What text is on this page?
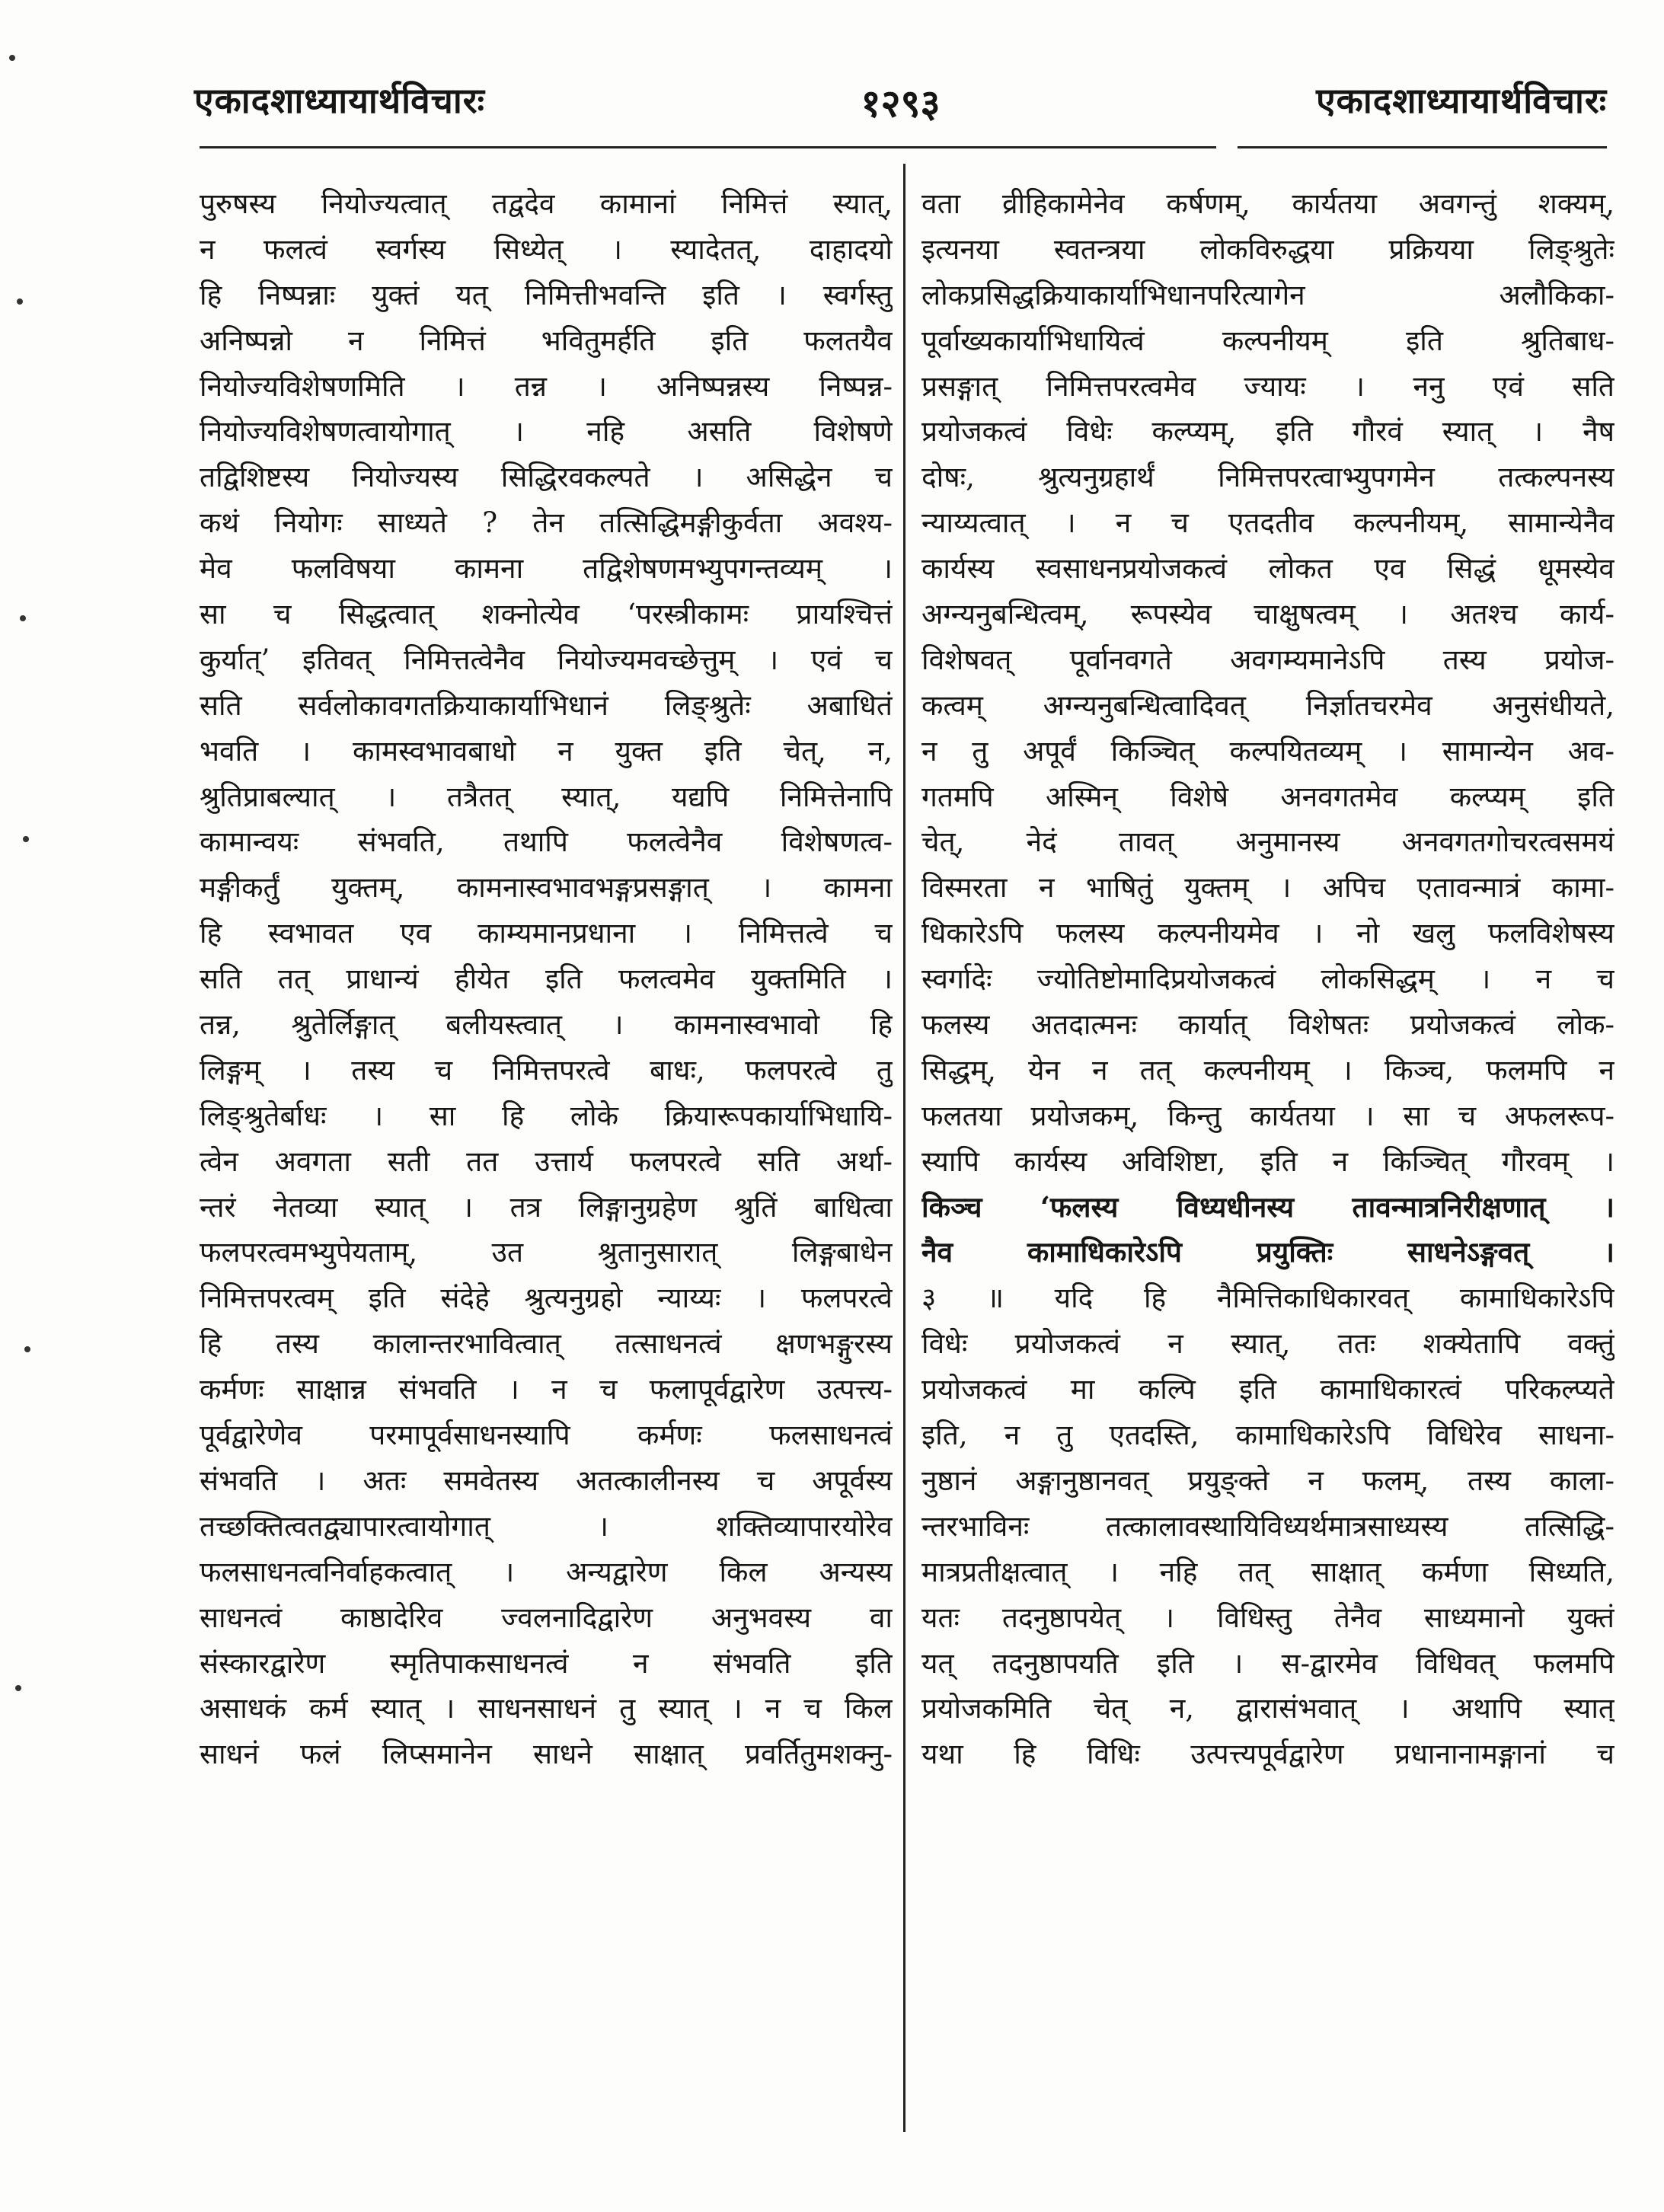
एकादशाध्यायार्थविचारः	१२९३	एकादशाध्यायार्थविचारः
पुरुषस्य नियोज्यत्वात् तद्वदेव कामानां निमित्तं स्यात्,
न फलत्वं स्वर्गस्य सिध्येत् । स्यादेतत्, दाहादयो
हि निष्पन्नाः युक्तं यत् निमित्तीभवन्ति इति । स्वर्गस्तु
अनिष्पन्नो न निमित्तं भवितुमर्हति इति फलतयैव
नियोज्यविशेषणमिति । तन्न । अनिष्पन्नस्य निष्पन्न-
नियोज्यविशेषणत्वायोगात् । नहि असति विशेषणे
तद्विशिष्टस्य नियोज्यस्य सिद्धिरवकल्पते । असिद्धेन च
कथं नियोगः साध्यते ? तेन तत्सिद्धिमङ्गीकुर्वता अवश्य-
मेव फलविषया कामना तद्विशेषणमभ्युपगन्तव्यम् ।
सा च सिद्धत्वात् शक्नोत्येव ‘परस्त्रीकामः प्रायश्चित्तं
कुर्यात्’ इतिवत् निमित्तत्वेनैव नियोज्यमवच्छेत्तुम् । एवं च
सति सर्वलोकावगतक्रियाकार्याभिधानं लिङ्श्रुतेः अबाधितं
भवति । कामस्वभावबाधो न युक्त इति चेत्, न,
श्रुतिप्राबल्यात् । तत्रैतत् स्यात्, यद्यपि निमित्तेनापि
कामान्वयः संभवति, तथापि फलत्वेनैव विशेषणत्व-
मङ्गीकर्तुं युक्तम्, कामनास्वभावभङ्गप्रसङ्गात् । कामना
हि स्वभावत एव काम्यमानप्रधाना । निमित्तत्वे च
सति तत् प्राधान्यं हीयेत इति फलत्वमेव युक्तमिति ।
तन्न, श्रुतेर्लिङ्गात् बलीयस्त्वात् । कामनास्वभावो हि
लिङ्गम् । तस्य च निमित्तपरत्वे बाधः, फलपरत्वे तु
लिङ्श्रुतेर्बाधः । सा हि लोके क्रियारूपकार्याभिधायि-
त्वेन अवगता सती तत उत्तार्य फलपरत्वे सति अर्था-
न्तरं नेतव्या स्यात् । तत्र लिङ्गानुग्रहेण श्रुतिं बाधित्वा
फलपरत्वमभ्युपेयताम्, उत श्रुतानुसारात् लिङ्गबाधेन
निमित्तपरत्वम् इति संदेहे श्रुत्यनुग्रहो न्याय्यः । फलपरत्वे
हि तस्य कालान्तरभावित्वात् तत्साधनत्वं क्षणभङ्गुरस्य
कर्मणः साक्षान्न संभवति । न च फलापूर्वद्वारेण उत्पत्त्य-
पूर्वद्वारेणेव परमापूर्वसाधनस्यापि कर्मणः फलसाधनत्वं
संभवति । अतः समवेतस्य अतत्कालीनस्य च अपूर्वस्य
तच्छक्तित्वतद्व्यापारत्वायोगात् । शक्तिव्यापारयोरेव
फलसाधनत्वनिर्वाहकत्वात् । अन्यद्वारेण किल अन्यस्य
साधनत्वं काष्ठादेरिव ज्वलनादिद्वारेण अनुभवस्य वा
संस्कारद्वारेण स्मृतिपाकसाधनत्वं न संभवति इति
असाधकं कर्म स्यात् । साधनसाधनं तु स्यात् । न च किल
साधनं फलं लिप्समानेन साधने साक्षात् प्रवर्तितुमशक्नु-
वता व्रीहिकामेनेव कर्षणम्, कार्यतया अवगन्तुं शक्यम्,
इत्यनया स्वतन्त्रया लोकविरुद्धया प्रक्रियया लिङ्श्रुतेः
लोकप्रसिद्धक्रियाकार्याभिधानपरित्यागेन अलौकिका-
पूर्वाख्यकार्याभिधायित्वं कल्पनीयम् इति श्रुतिबाध-
प्रसङ्गात् निमित्तपरत्वमेव ज्यायः । ननु एवं सति
प्रयोजकत्वं विधेः कल्प्यम्, इति गौरवं स्यात् । नैष
दोषः, श्रुत्यनुग्रहार्थं निमित्तपरत्वाभ्युपगमेन तत्कल्पनस्य
न्याय्यत्वात् । न च एतदतीव कल्पनीयम्, सामान्येनैव
कार्यस्य स्वसाधनप्रयोजकत्वं लोकत एव सिद्धं धूमस्येव
अग्न्यनुबन्धित्वम्, रूपस्येव चाक्षुषत्वम् । अतश्च कार्य-
विशेषवत् पूर्वानवगते अवगम्यमानेऽपि तस्य प्रयोज-
कत्वम् अग्न्यनुबन्धित्वादिवत् निर्ज्ञातचरमेव अनुसंधीयते,
न तु अपूर्वं किञ्चित् कल्पयितव्यम् । सामान्येन अव-
गतमपि अस्मिन् विशेषे अनवगतमेव कल्प्यम् इति
चेत्, नेदं तावत् अनुमानस्य अनवगतगोचरत्वसमयं
विस्मरता न भाषितुं युक्तम् । अपिच एतावन्मात्रं कामा-
धिकारेऽपि फलस्य कल्पनीयमेव । नो खलु फलविशेषस्य
स्वर्गादेः ज्योतिष्टोमादिप्रयोजकत्वं लोकसिद्धम् । न च
फलस्य अतदात्मनः कार्यात् विशेषतः प्रयोजकत्वं लोक-
सिद्धम्, येन न तत् कल्पनीयम् । किञ्च, फलमपि न
फलतया प्रयोजकम्, किन्तु कार्यतया । सा च अफलरूप-
स्यापि कार्यस्य अविशिष्टा, इति न किञ्चित् गौरवम् ।
किञ्च ‘फलस्य विध्यधीनस्य तावन्मात्रनिरीक्षणात् ।
नैव कामाधिकारेऽपि प्रयुक्तिः साधनेऽङ्गवत् ।
३ ॥ यदि हि नैमित्तिकाधिकारवत् कामाधिकारेऽपि
विधेः प्रयोजकत्वं न स्यात्, ततः शक्येतापि वक्तुं
प्रयोजकत्वं मा कल्पि इति कामाधिकारत्वं परिकल्प्यते
इति, न तु एतदस्ति, कामाधिकारेऽपि विधिरेव साधना-
नुष्ठानं अङ्गानुष्ठानवत् प्रयुङ्क्ते न फलम्, तस्य काला-
न्तरभाविनः तत्कालावस्थायिविध्यर्थमात्रसाध्यस्य तत्सिद्धि-
मात्रप्रतीक्षत्वात् । नहि तत् साक्षात् कर्मणा सिध्यति,
यतः तदनुष्ठापयेत् । विधिस्तु तेनैव साध्यमानो युक्तं
यत् तदनुष्ठापयति इति । स-द्वारमेव विधिवत् फलमपि
प्रयोजकमिति चेत् न, द्वारासंभवात् । अथापि स्यात्
यथा हि विधिः उत्पत्त्यपूर्वद्वारेण प्रधानानामङ्गानां च
